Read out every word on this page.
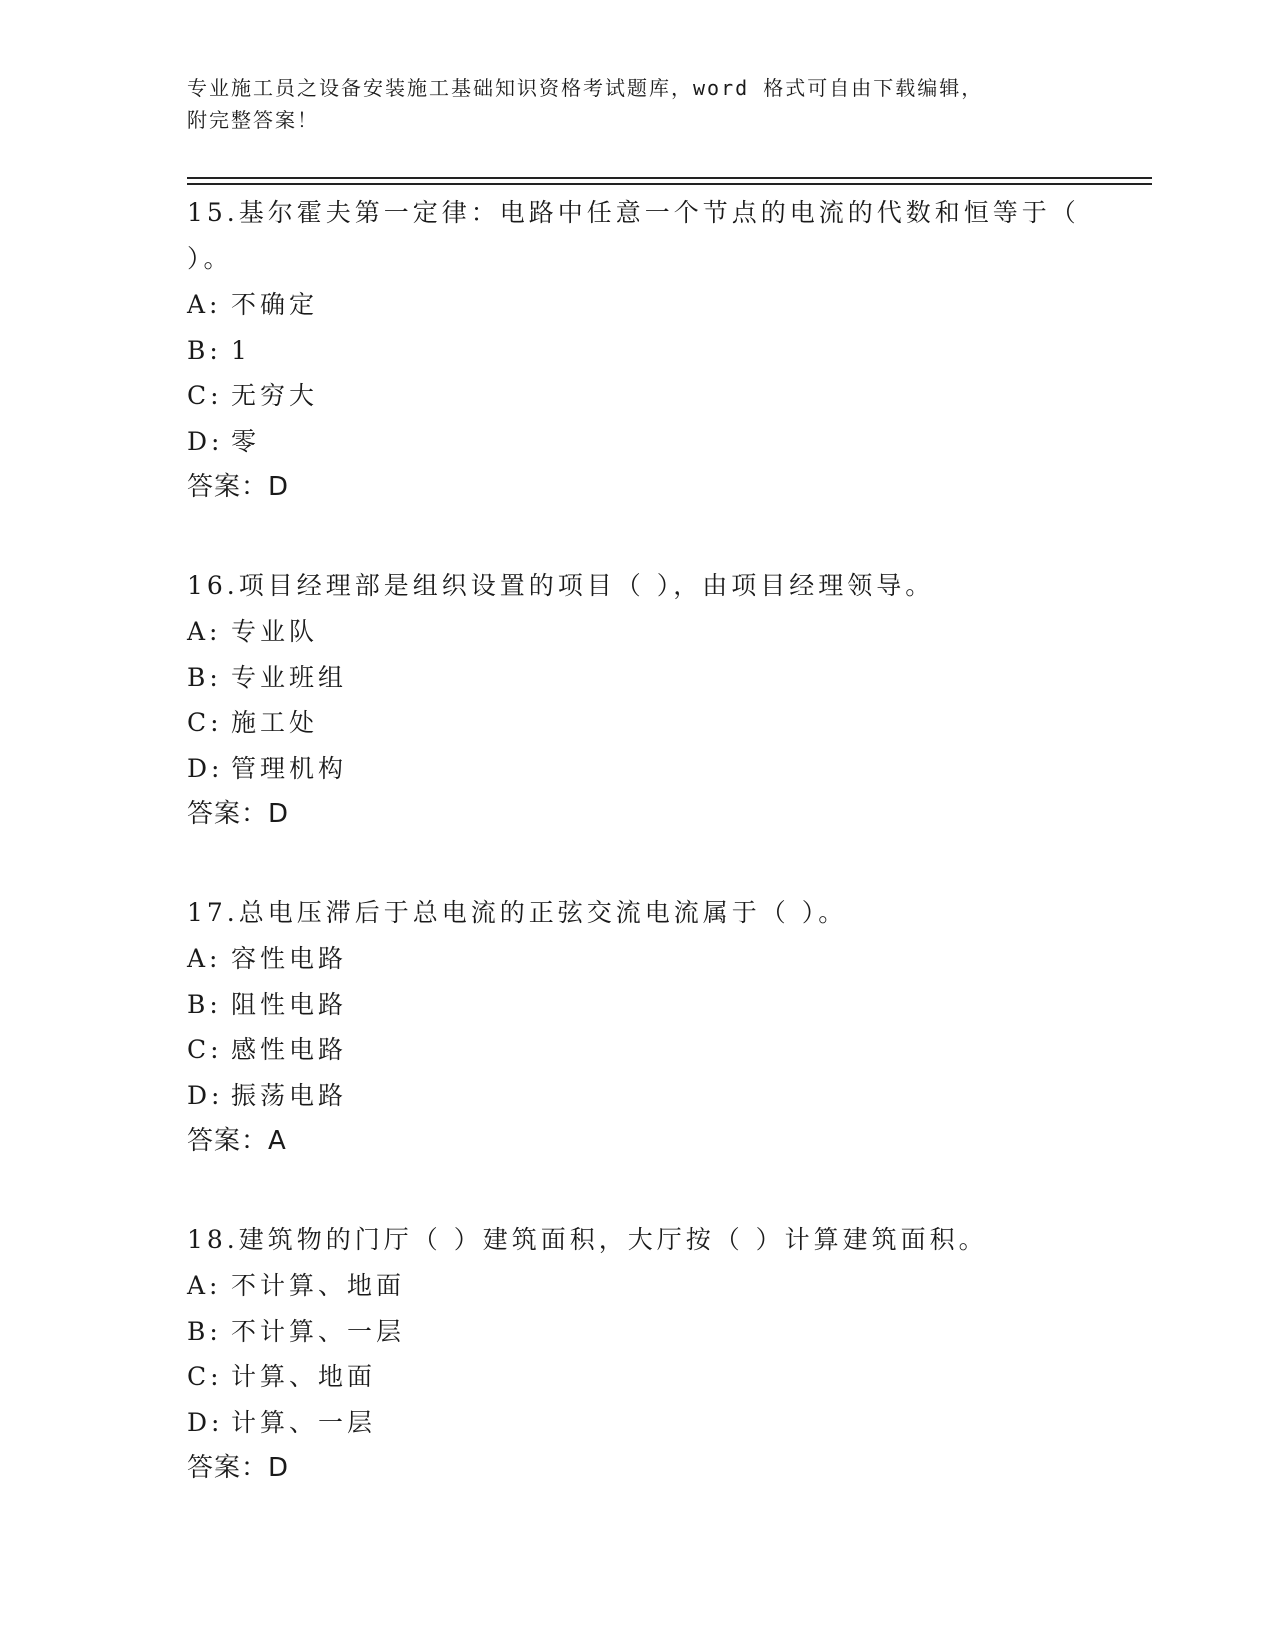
专业施工员之设备安装施工基础知识资格考试题库，word 格式可自由下载编辑，
附完整答案！
15.基尔霍夫第一定律：电路中任意一个节点的电流的代数和恒等于（
）。
A: 不确定
B: 1
C: 无穷大
D: 零
答案：D
16.项目经理部是组织设置的项目（ ），由项目经理领导。
A: 专业队
B: 专业班组
C: 施工处
D: 管理机构
答案：D
17.总电压滞后于总电流的正弦交流电流属于（ ）。
A: 容性电路
B: 阻性电路
C: 感性电路
D: 振荡电路
答案：A
18.建筑物的门厅（ ）建筑面积，大厅按（ ）计算建筑面积。
A: 不计算、地面
B: 不计算、一层
C: 计算、地面
D: 计算、一层
答案：D
